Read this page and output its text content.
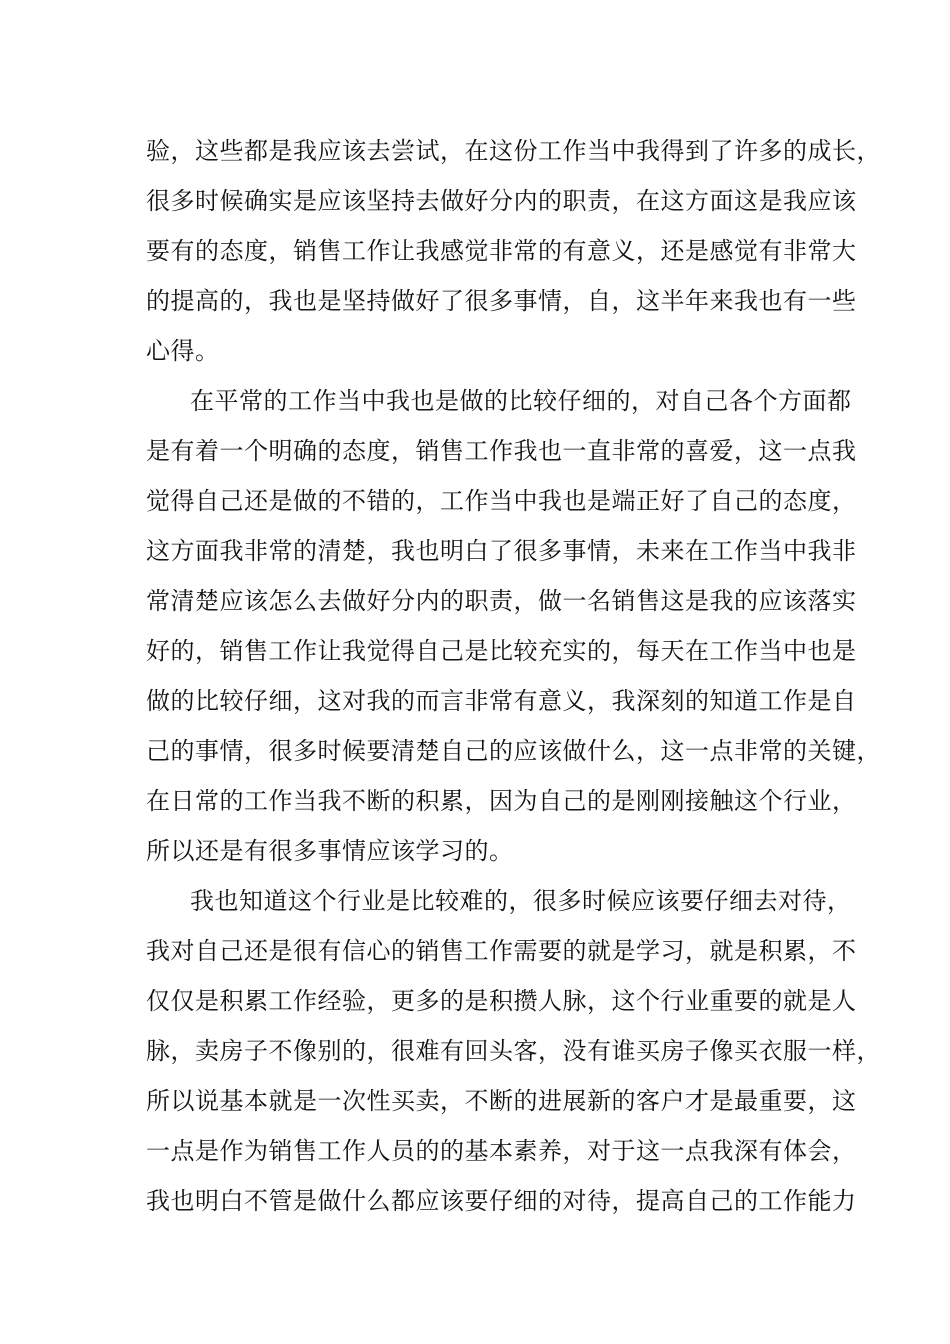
验，这些都是我应该去尝试，在这份工作当中我得到了许多的成长，
很多时候确实是应该坚持去做好分内的职责，在这方面这是我应该
要有的态度，销售工作让我感觉非常的有意义，还是感觉有非常大
的提高的，我也是坚持做好了很多事情，自，这半年来我也有一些
心得。
在平常的工作当中我也是做的比较仔细的，对自己各个方面都
是有着一个明确的态度，销售工作我也一直非常的喜爱，这一点我
觉得自己还是做的不错的，工作当中我也是端正好了自己的态度，
这方面我非常的清楚，我也明白了很多事情，未来在工作当中我非
常清楚应该怎么去做好分内的职责，做一名销售这是我的应该落实
好的，销售工作让我觉得自己是比较充实的，每天在工作当中也是
做的比较仔细，这对我的而言非常有意义，我深刻的知道工作是自
己的事情，很多时候要清楚自己的应该做什么，这一点非常的关键，
在日常的工作当我不断的积累，因为自己的是刚刚接触这个行业，
所以还是有很多事情应该学习的。
我也知道这个行业是比较难的，很多时候应该要仔细去对待，
我对自己还是很有信心的销售工作需要的就是学习，就是积累，不
仅仅是积累工作经验，更多的是积攒人脉，这个行业重要的就是人
脉，卖房子不像别的，很难有回头客，没有谁买房子像买衣服一样，
所以说基本就是一次性买卖，不断的进展新的客户才是最重要，这
一点是作为销售工作人员的的基本素养，对于这一点我深有体会，
我也明白不管是做什么都应该要仔细的对待，提高自己的工作能力
